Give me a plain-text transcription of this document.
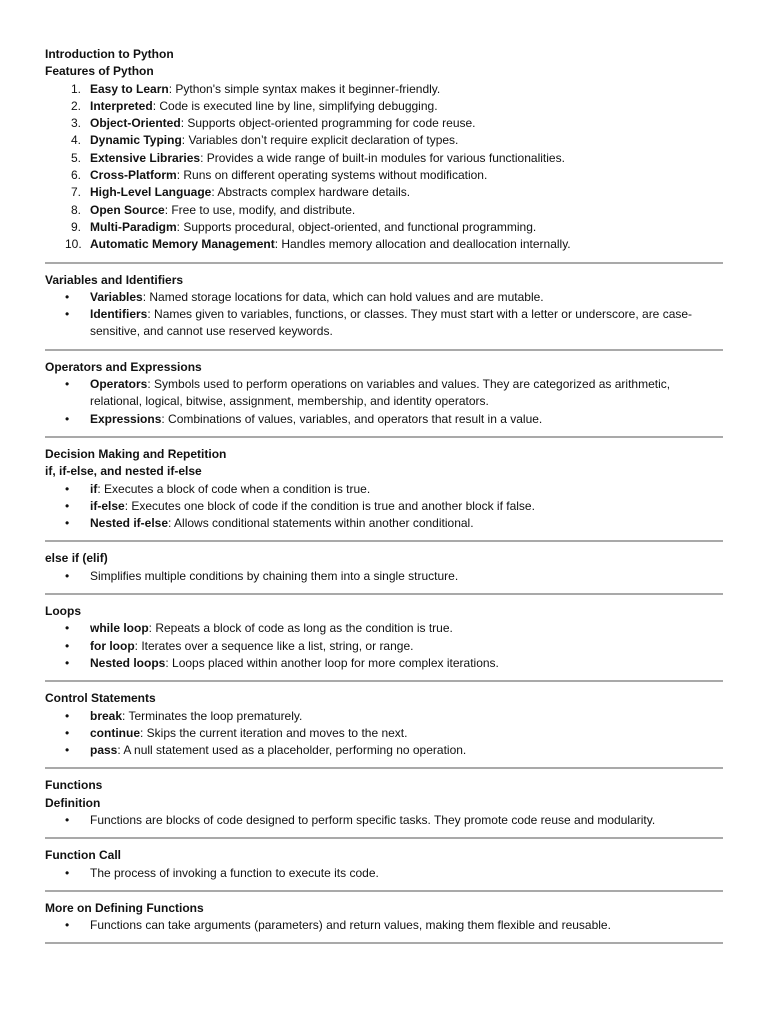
Introduction to Python
Features of Python
1. Easy to Learn: Python's simple syntax makes it beginner-friendly.
2. Interpreted: Code is executed line by line, simplifying debugging.
3. Object-Oriented: Supports object-oriented programming for code reuse.
4. Dynamic Typing: Variables don’t require explicit declaration of types.
5. Extensive Libraries: Provides a wide range of built-in modules for various functionalities.
6. Cross-Platform: Runs on different operating systems without modification.
7. High-Level Language: Abstracts complex hardware details.
8. Open Source: Free to use, modify, and distribute.
9. Multi-Paradigm: Supports procedural, object-oriented, and functional programming.
10. Automatic Memory Management: Handles memory allocation and deallocation internally.
Variables and Identifiers
• Variables: Named storage locations for data, which can hold values and are mutable.
• Identifiers: Names given to variables, functions, or classes. They must start with a letter or underscore, are case-sensitive, and cannot use reserved keywords.
Operators and Expressions
• Operators: Symbols used to perform operations on variables and values. They are categorized as arithmetic, relational, logical, bitwise, assignment, membership, and identity operators.
• Expressions: Combinations of values, variables, and operators that result in a value.
Decision Making and Repetition
if, if-else, and nested if-else
• if: Executes a block of code when a condition is true.
• if-else: Executes one block of code if the condition is true and another block if false.
• Nested if-else: Allows conditional statements within another conditional.
else if (elif)
• Simplifies multiple conditions by chaining them into a single structure.
Loops
• while loop: Repeats a block of code as long as the condition is true.
• for loop: Iterates over a sequence like a list, string, or range.
• Nested loops: Loops placed within another loop for more complex iterations.
Control Statements
• break: Terminates the loop prematurely.
• continue: Skips the current iteration and moves to the next.
• pass: A null statement used as a placeholder, performing no operation.
Functions
Definition
• Functions are blocks of code designed to perform specific tasks. They promote code reuse and modularity.
Function Call
• The process of invoking a function to execute its code.
More on Defining Functions
• Functions can take arguments (parameters) and return values, making them flexible and reusable.
